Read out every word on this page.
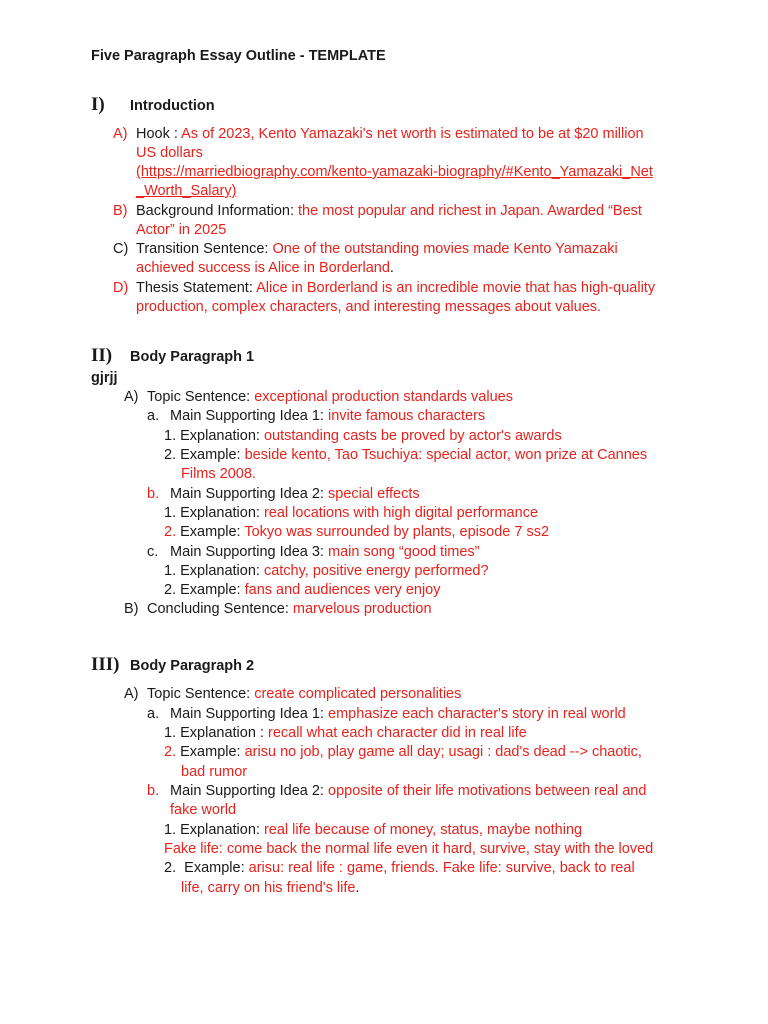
Five Paragraph Essay Outline - TEMPLATE
I) Introduction
A) Hook : As of 2023, Kento Yamazaki's net worth is estimated to be at $20 million
US dollars
(https://marriedbiography.com/kento-yamazaki-biography/#Kento_Yamazaki_Net
_Worth_Salary)
B) Background Information: the most popular and richest in Japan. Awarded “Best
Actor” in 2025
C) Transition Sentence: One of the outstanding movies made Kento Yamazaki
achieved success is Alice in Borderland.
D) Thesis Statement: Alice in Borderland is an incredible movie that has high-quality
production, complex characters, and interesting messages about values.
II) Body Paragraph 1
gjrjj
A) Topic Sentence: exceptional production standards values
a. Main Supporting Idea 1: invite famous characters
1. Explanation: outstanding casts be proved by actor's awards
2. Example: beside kento, Tao Tsuchiya: special actor, won prize at Cannes
Films 2008.
b. Main Supporting Idea 2: special effects
1. Explanation: real locations with high digital performance
2. Example: Tokyo was surrounded by plants, episode 7 ss2
c. Main Supporting Idea 3: main song “good times”
1. Explanation: catchy, positive energy performed?
2. Example: fans and audiences very enjoy
B) Concluding Sentence: marvelous production
III) Body Paragraph 2
A) Topic Sentence: create complicated personalities
a. Main Supporting Idea 1: emphasize each character's story in real world
1. Explanation : recall what each character did in real life
2. Example: arisu no job, play game all day; usagi : dad's dead --> chaotic,
bad rumor
b. Main Supporting Idea 2: opposite of their life motivations between real and
fake world
1. Explanation: real life because of money, status, maybe nothing
Fake life: come back the normal life even it hard, survive, stay with the loved
2. Example: arisu: real life : game, friends. Fake life: survive, back to real
life, carry on his friend's life.
